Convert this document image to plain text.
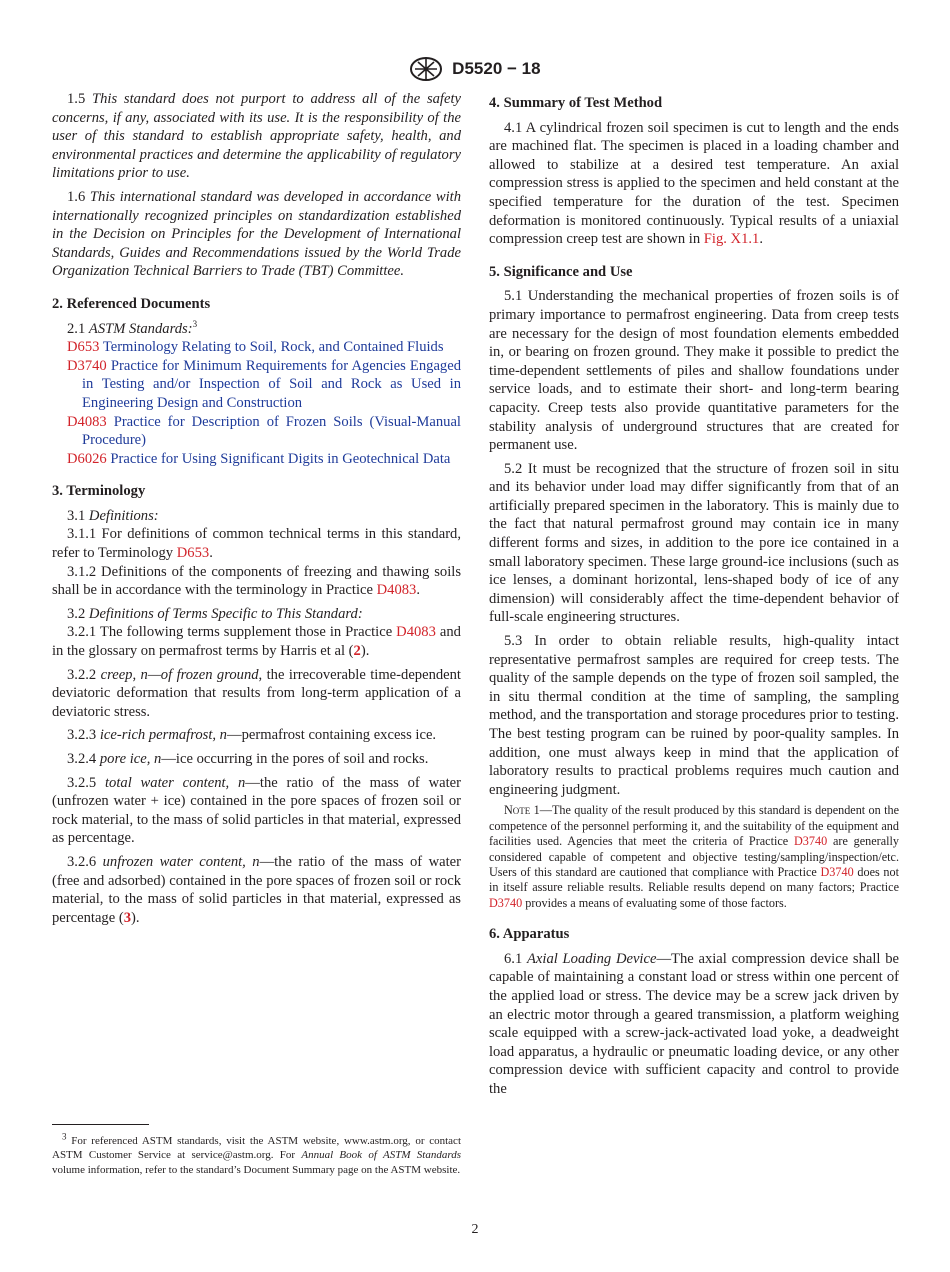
D5520 − 18

1.5 This standard does not purport to address all of the safety concerns, if any, associated with its use. It is the responsibility of the user of this standard to establish appropriate safety, health, and environmental practices and determine the applicability of regulatory limitations prior to use.

1.6 This international standard was developed in accordance with internationally recognized principles on standardization established in the Decision on Principles for the Development of International Standards, Guides and Recommendations issued by the World Trade Organization Technical Barriers to Trade (TBT) Committee.

2. Referenced Documents

2.1 ASTM Standards:$^3$

D653 Terminology Relating to Soil, Rock, and Contained Fluids

D3740 Practice for Minimum Requirements for Agencies Engaged in Testing and/or Inspection of Soil and Rock as Used in Engineering Design and Construction

D4083 Practice for Description of Frozen Soils (Visual-Manual Procedure)

D6026 Practice for Using Significant Digits in Geotechnical Data

3. Terminology

3.1 Definitions:

3.1.1 For definitions of common technical terms in this standard, refer to Terminology D653.

3.1.2 Definitions of the components of freezing and thawing soils shall be in accordance with the terminology in Practice D4083.

3.2 Definitions of Terms Specific to This Standard:

3.2.1 The following terms supplement those in Practice D4083 and in the glossary on permafrost terms by Harris et al (2).

3.2.2 creep, n—of frozen ground, the irrecoverable time-dependent deviatoric deformation that results from long-term application of a deviatoric stress.

3.2.3 ice-rich permafrost, n—permafrost containing excess ice.

3.2.4 pore ice, n—ice occurring in the pores of soil and rocks.

3.2.5 total water content, n—the ratio of the mass of water (unfrozen water + ice) contained in the pore spaces of frozen soil or rock material, to the mass of solid particles in that material, expressed as percentage.

3.2.6 unfrozen water content, n—the ratio of the mass of water (free and adsorbed) contained in the pore spaces of frozen soil or rock material, to the mass of solid particles in that material, expressed as percentage (3).

$^3$ For referenced ASTM standards, visit the ASTM website, www.astm.org, or contact ASTM Customer Service at service@astm.org. For Annual Book of ASTM Standards volume information, refer to the standard’s Document Summary page on the ASTM website.
4. Summary of Test Method

4.1 A cylindrical frozen soil specimen is cut to length and the ends are machined flat. The specimen is placed in a loading chamber and allowed to stabilize at a desired test temperature. An axial compression stress is applied to the specimen and held constant at the specified temperature for the duration of the test. Specimen deformation is monitored continuously. Typical results of a uniaxial compression creep test are shown in Fig. X1.1.

5. Significance and Use

5.1 Understanding the mechanical properties of frozen soils is of primary importance to permafrost engineering. Data from creep tests are necessary for the design of most foundation elements embedded in, or bearing on frozen ground. They make it possible to predict the time-dependent settlements of piles and shallow foundations under service loads, and to estimate their short- and long-term bearing capacity. Creep tests also provide quantitative parameters for the stability analysis of underground structures that are created for permanent use.

5.2 It must be recognized that the structure of frozen soil in situ and its behavior under load may differ significantly from that of an artificially prepared specimen in the laboratory. This is mainly due to the fact that natural permafrost ground may contain ice in many different forms and sizes, in addition to the pore ice contained in a small laboratory specimen. These large ground-ice inclusions (such as ice lenses, a dominant horizontal, lens-shaped body of ice of any dimension) will considerably affect the time-dependent behavior of full-scale engineering structures.

5.3 In order to obtain reliable results, high-quality intact representative permafrost samples are required for creep tests. The quality of the sample depends on the type of frozen soil sampled, the in situ thermal condition at the time of sampling, the sampling method, and the transportation and storage procedures prior to testing. The best testing program can be ruined by poor-quality samples. In addition, one must always keep in mind that the application of laboratory results to practical problems requires much caution and engineering judgment.

Note 1—The quality of the result produced by this standard is dependent on the competence of the personnel performing it, and the suitability of the equipment and facilities used. Agencies that meet the criteria of Practice D3740 are generally considered capable of competent and objective testing/sampling/inspection/etc. Users of this standard are cautioned that compliance with Practice D3740 does not in itself assure reliable results. Reliable results depend on many factors; Practice D3740 provides a means of evaluating some of those factors.

6. Apparatus

6.1 Axial Loading Device—The axial compression device shall be capable of maintaining a constant load or stress within one percent of the applied load or stress. The device may be a screw jack driven by an electric motor through a geared transmission, a platform weighing scale equipped with a screw-jack-activated load yoke, a deadweight load apparatus, a hydraulic or pneumatic loading device, or any other compression device with sufficient capacity and control to provide the

2
